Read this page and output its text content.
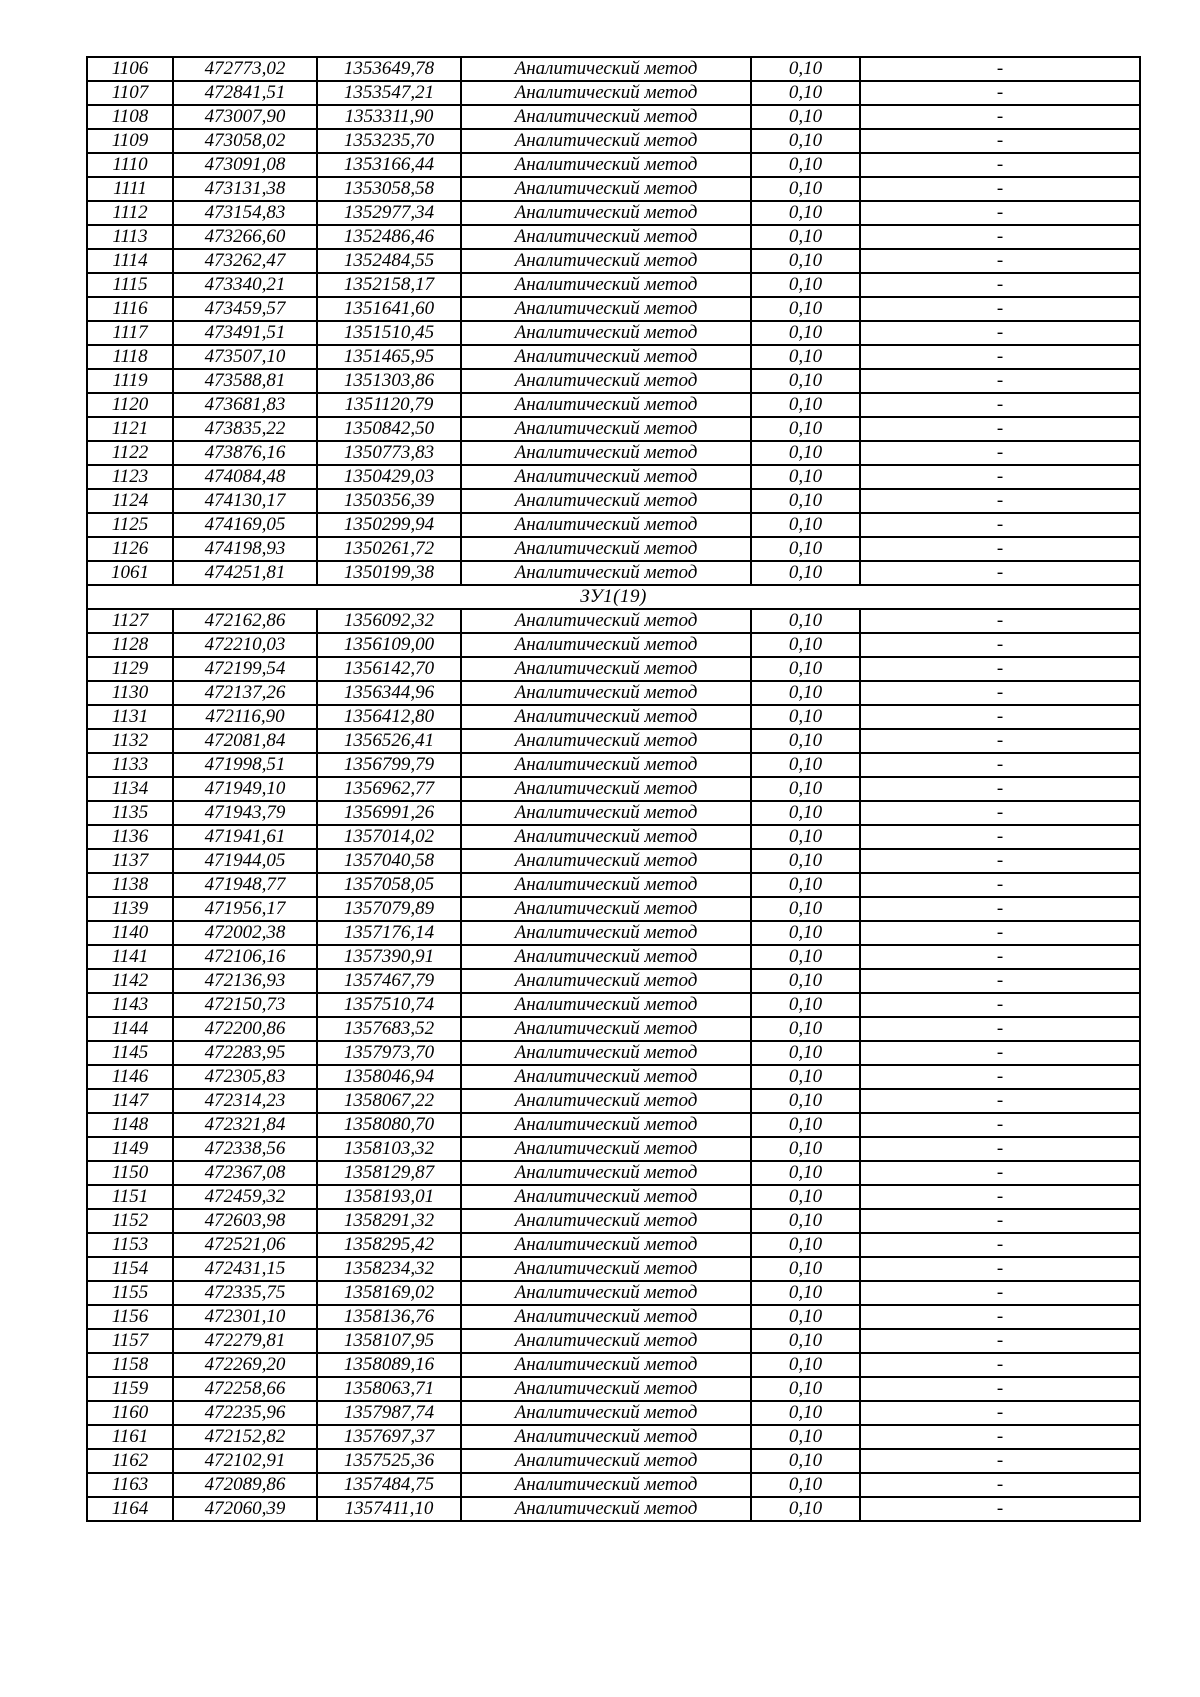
1106	472773,02	1353649,78	Аналитический метод	0,10	-
1107	472841,51	1353547,21	Аналитический метод	0,10	-
1108	473007,90	1353311,90	Аналитический метод	0,10	-
1109	473058,02	1353235,70	Аналитический метод	0,10	-
1110	473091,08	1353166,44	Аналитический метод	0,10	-
1111	473131,38	1353058,58	Аналитический метод	0,10	-
1112	473154,83	1352977,34	Аналитический метод	0,10	-
1113	473266,60	1352486,46	Аналитический метод	0,10	-
1114	473262,47	1352484,55	Аналитический метод	0,10	-
1115	473340,21	1352158,17	Аналитический метод	0,10	-
1116	473459,57	1351641,60	Аналитический метод	0,10	-
1117	473491,51	1351510,45	Аналитический метод	0,10	-
1118	473507,10	1351465,95	Аналитический метод	0,10	-
1119	473588,81	1351303,86	Аналитический метод	0,10	-
1120	473681,83	1351120,79	Аналитический метод	0,10	-
1121	473835,22	1350842,50	Аналитический метод	0,10	-
1122	473876,16	1350773,83	Аналитический метод	0,10	-
1123	474084,48	1350429,03	Аналитический метод	0,10	-
1124	474130,17	1350356,39	Аналитический метод	0,10	-
1125	474169,05	1350299,94	Аналитический метод	0,10	-
1126	474198,93	1350261,72	Аналитический метод	0,10	-
1061	474251,81	1350199,38	Аналитический метод	0,10	-
ЗУ1(19)					
1127	472162,86	1356092,32	Аналитический метод	0,10	-
1128	472210,03	1356109,00	Аналитический метод	0,10	-
1129	472199,54	1356142,70	Аналитический метод	0,10	-
1130	472137,26	1356344,96	Аналитический метод	0,10	-
1131	472116,90	1356412,80	Аналитический метод	0,10	-
1132	472081,84	1356526,41	Аналитический метод	0,10	-
1133	471998,51	1356799,79	Аналитический метод	0,10	-
1134	471949,10	1356962,77	Аналитический метод	0,10	-
1135	471943,79	1356991,26	Аналитический метод	0,10	-
1136	471941,61	1357014,02	Аналитический метод	0,10	-
1137	471944,05	1357040,58	Аналитический метод	0,10	-
1138	471948,77	1357058,05	Аналитический метод	0,10	-
1139	471956,17	1357079,89	Аналитический метод	0,10	-
1140	472002,38	1357176,14	Аналитический метод	0,10	-
1141	472106,16	1357390,91	Аналитический метод	0,10	-
1142	472136,93	1357467,79	Аналитический метод	0,10	-
1143	472150,73	1357510,74	Аналитический метод	0,10	-
1144	472200,86	1357683,52	Аналитический метод	0,10	-
1145	472283,95	1357973,70	Аналитический метод	0,10	-
1146	472305,83	1358046,94	Аналитический метод	0,10	-
1147	472314,23	1358067,22	Аналитический метод	0,10	-
1148	472321,84	1358080,70	Аналитический метод	0,10	-
1149	472338,56	1358103,32	Аналитический метод	0,10	-
1150	472367,08	1358129,87	Аналитический метод	0,10	-
1151	472459,32	1358193,01	Аналитический метод	0,10	-
1152	472603,98	1358291,32	Аналитический метод	0,10	-
1153	472521,06	1358295,42	Аналитический метод	0,10	-
1154	472431,15	1358234,32	Аналитический метод	0,10	-
1155	472335,75	1358169,02	Аналитический метод	0,10	-
1156	472301,10	1358136,76	Аналитический метод	0,10	-
1157	472279,81	1358107,95	Аналитический метод	0,10	-
1158	472269,20	1358089,16	Аналитический метод	0,10	-
1159	472258,66	1358063,71	Аналитический метод	0,10	-
1160	472235,96	1357987,74	Аналитический метод	0,10	-
1161	472152,82	1357697,37	Аналитический метод	0,10	-
1162	472102,91	1357525,36	Аналитический метод	0,10	-
1163	472089,86	1357484,75	Аналитический метод	0,10	-
1164	472060,39	1357411,10	Аналитический метод	0,10	-
